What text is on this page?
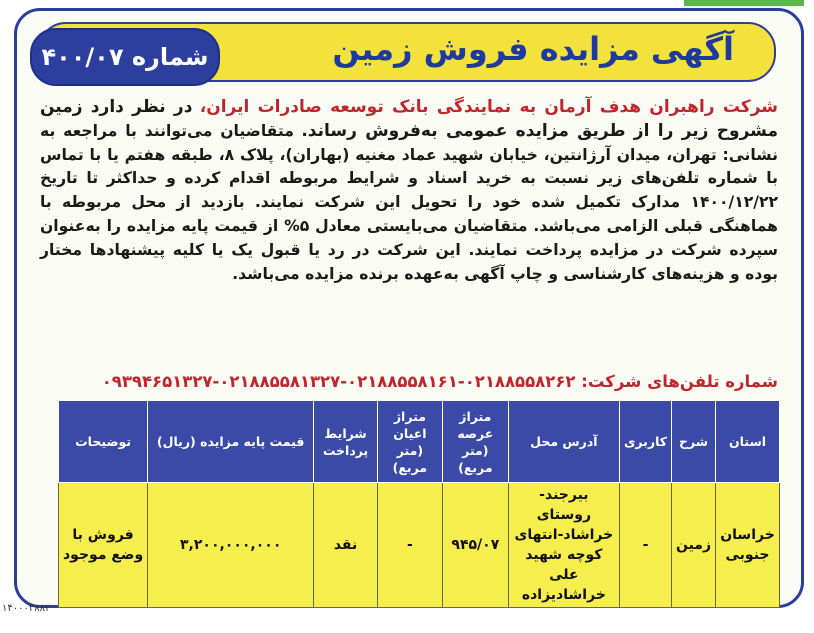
آگهی مزایده فروش زمین
شماره ۴۰۰/۰۷
شرکت راهبران هدف آرمان به نمایندگی بانک توسعه صادرات ایران، در نظر دارد زمین مشروح زیر را از طریق مزایده عمومی به‌فروش رساند. متقاضیان می‌توانند با مراجعه به نشانی: تهران، میدان آرژانتین، خیابان شهید عماد مغنیه (بهاران)، پلاک ۸، طبقه هفتم یا با تماس با شماره تلفن‌های زیر نسبت به خرید اسناد و شرایط مربوطه اقدام کرده و حداکثر تا تاریخ ۱۴۰۰/۱۲/۲۲ مدارک تکمیل شده خود را تحویل این شرکت نمایند. بازدید از محل مربوطه با هماهنگی قبلی الزامی می‌باشد. متقاضیان می‌بایستی معادل ۵% از قیمت پایه مزایده را به‌عنوان سپرده شرکت در مزایده پرداخت نمایند. این شرکت در رد یا قبول یک یا کلیه پیشنهادها مختار بوده و هزینه‌های کارشناسی و چاپ آگهی به‌عهده برنده مزایده می‌باشد.
شماره تلفن‌های شرکت: ۰۲۱۸۸۵۵۸۲۶۲-۰۲۱۸۸۵۵۸۱۶۱-۰۲۱۸۸۵۵۸۱۳۲۷-۰۹۳۹۴۶۵۱۳۲۷
استان	شرح	کاربری	آدرس محل	متراژ عرصه (متر مربع)	متراژ اعیان (متر مربع)	شرایط پرداخت	قیمت پایه مزایده (ریال)	توضیحات
خراسان جنوبی	زمین	-	بیرجند-روستای خراشاد-انتهای کوچه شهید علی خراشادیزاده	۹۴۵/۰۷	-	نقد	۳,۲۰۰,۰۰۰,۰۰۰	فروش با وضع موجود
۱۴۰۰۰۳۸۸۲
